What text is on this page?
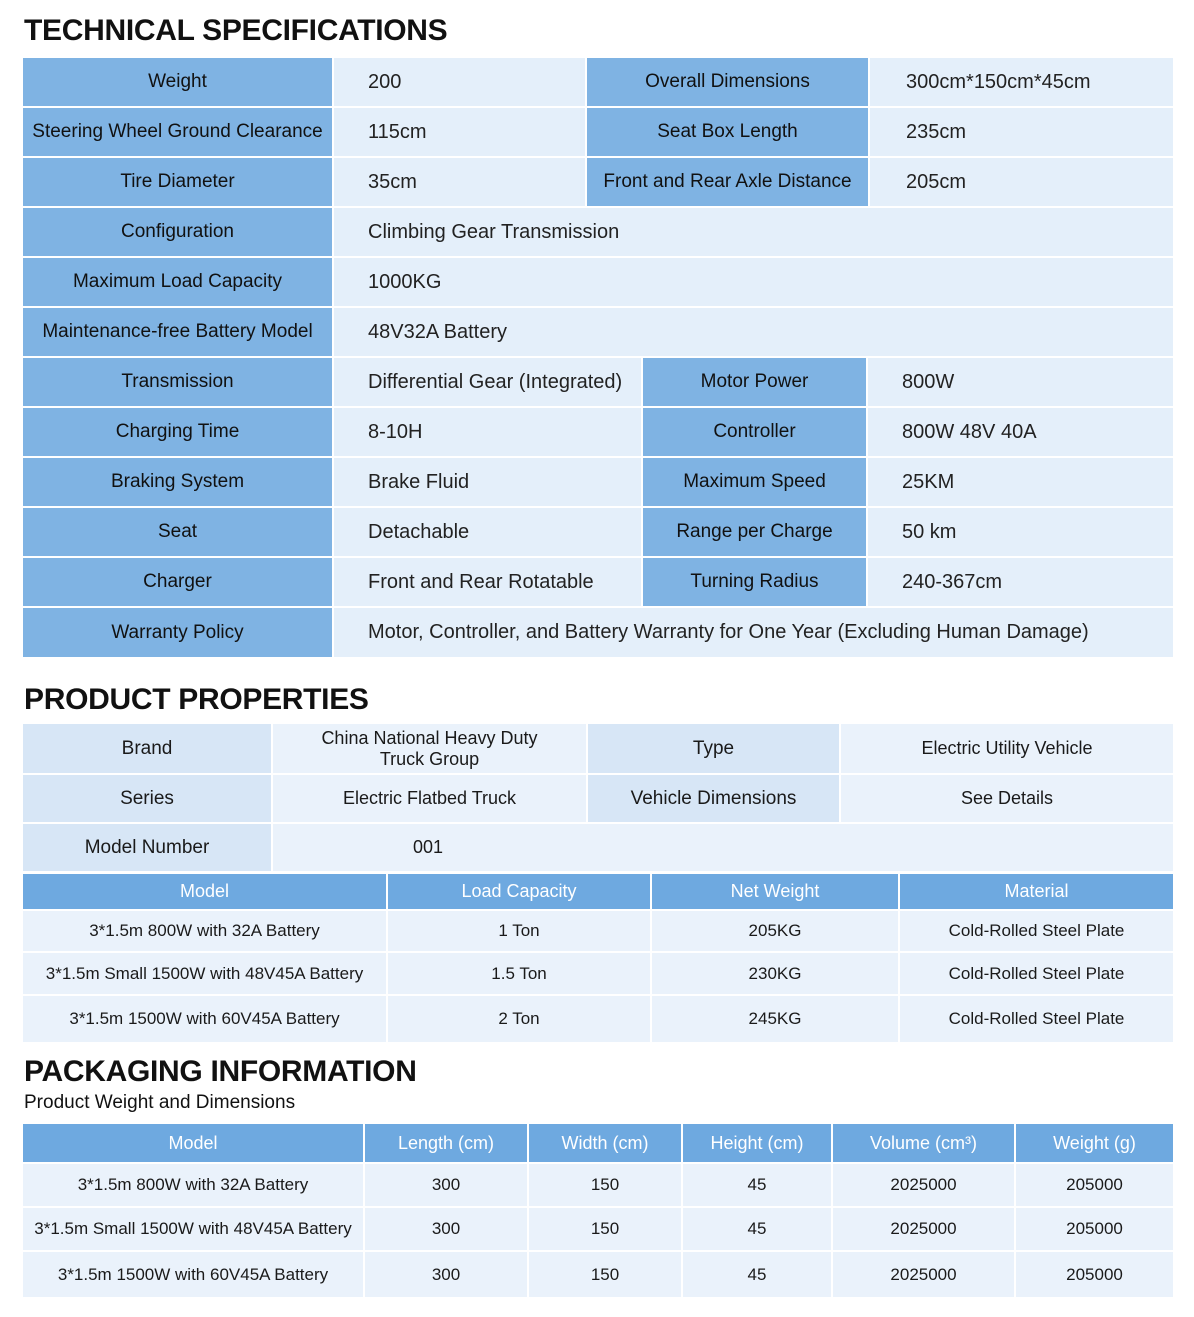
TECHNICAL SPECIFICATIONS
Weight	200	Overall Dimensions	300cm*150cm*45cm
Steering Wheel Ground Clearance	115cm	Seat Box Length	235cm
Tire Diameter	35cm	Front and Rear Axle Distance	205cm
Configuration	Climbing Gear Transmission
Maximum Load Capacity	1000KG
Maintenance-free Battery Model	48V32A Battery
Transmission	Differential Gear (Integrated)	Motor Power	800W
Charging Time	8-10H	Controller	800W 48V 40A
Braking System	Brake Fluid	Maximum Speed	25KM
Seat	Detachable	Range per Charge	50 km
Charger	Front and Rear Rotatable	Turning Radius	240-367cm
Warranty Policy	Motor, Controller, and Battery Warranty for One Year (Excluding Human Damage)
PRODUCT PROPERTIES
Brand	China National Heavy Duty Truck Group	Type	Electric Utility Vehicle
Series	Electric Flatbed Truck	Vehicle Dimensions	See Details
Model Number	001
Model	Load Capacity	Net Weight	Material
3*1.5m 800W with 32A Battery	1 Ton	205KG	Cold-Rolled Steel Plate
3*1.5m Small 1500W with 48V45A Battery	1.5 Ton	230KG	Cold-Rolled Steel Plate
3*1.5m 1500W with 60V45A Battery	2 Ton	245KG	Cold-Rolled Steel Plate
PACKAGING INFORMATION
Product Weight and Dimensions
Model	Length (cm)	Width (cm)	Height (cm)	Volume (cm³)	Weight (g)
3*1.5m 800W with 32A Battery	300	150	45	2025000	205000
3*1.5m Small 1500W with 48V45A Battery	300	150	45	2025000	205000
3*1.5m 1500W with 60V45A Battery	300	150	45	2025000	205000
